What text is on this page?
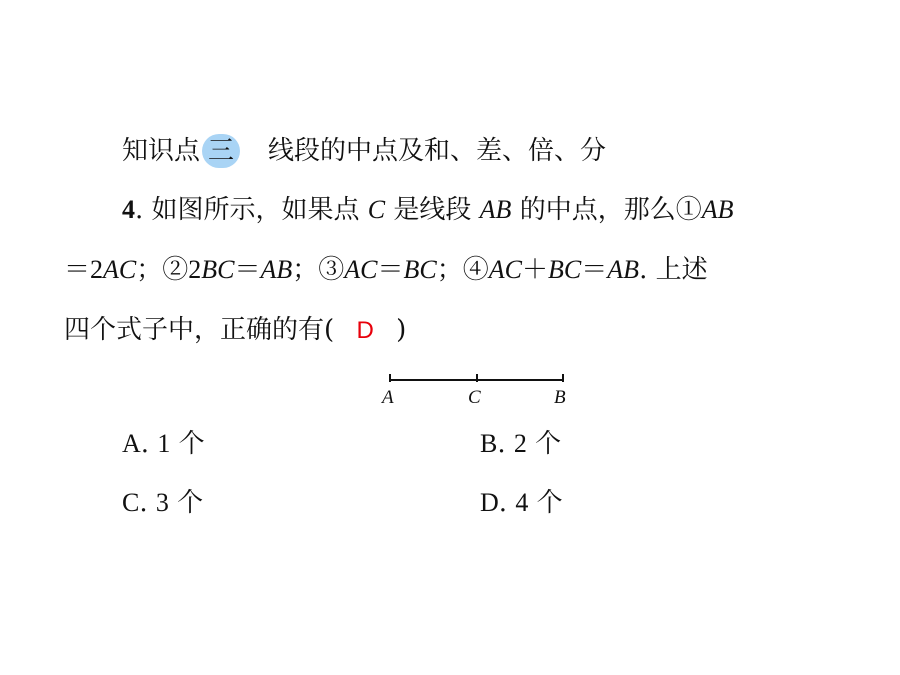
知识点 三 线段的中点及和、差、倍、分
4. 如图所示，如果点 C 是线段 AB 的中点，那么①AB
＝2AC；②2BC＝AB；③AC＝BC；④AC＋BC＝AB. 上述
四个式子中，正确的有( D )
A	C	B
A. 1 个	B. 2 个
C. 3 个	D. 4 个
